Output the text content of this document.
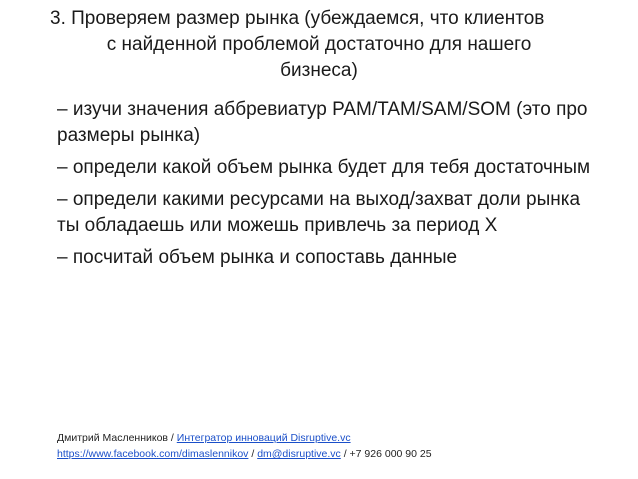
3. Проверяем размер рынка (убеждаемся, что клиентов
с найденной проблемой достаточно для нашего
бизнеса)
– изучи значения аббревиатур PAM/TAM/SAM/SOM (это про размеры рынка)
– определи какой объем рынка будет для тебя достаточным
– определи какими ресурсами на выход/захват доли рынка ты обладаешь или можешь привлечь за период Х
– посчитай объем рынка и сопоставь данные
Дмитрий Масленников / Интегратор инноваций Disruptive.vc
https://www.facebook.com/dimaslennikov / dm@disruptive.vc / +7 926 000 90 25
